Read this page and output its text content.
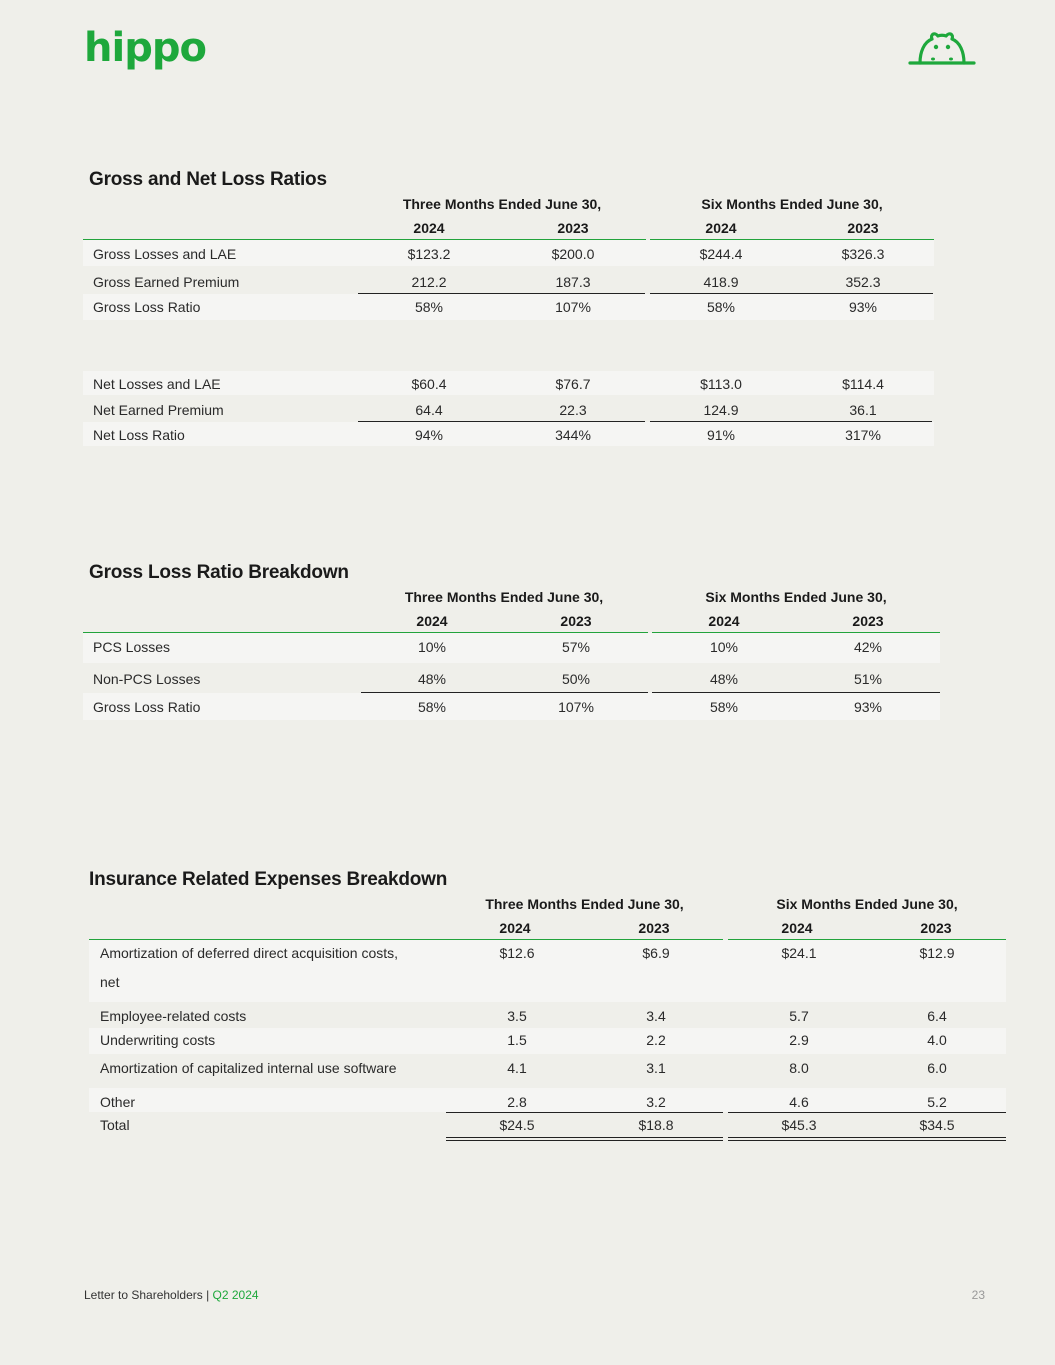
hippo
Gross and Net Loss Ratios
Three Months Ended June 30,	Six Months Ended June 30,
2024	2023	2024	2023
Gross Losses and LAE	$123.2	$200.0	$244.4	$326.3
Gross Earned Premium	212.2	187.3	418.9	352.3
Gross Loss Ratio	58%	107%	58%	93%
Net Losses and LAE	$60.4	$76.7	$113.0	$114.4
Net Earned Premium	64.4	22.3	124.9	36.1
Net Loss Ratio	94%	344%	91%	317%
Gross Loss Ratio Breakdown
Three Months Ended June 30,	Six Months Ended June 30,
2024	2023	2024	2023
PCS Losses	10%	57%	10%	42%
Non-PCS Losses	48%	50%	48%	51%
Gross Loss Ratio	58%	107%	58%	93%
Insurance Related Expenses Breakdown
Three Months Ended June 30,	Six Months Ended June 30,
2024	2023	2024	2023
Amortization of deferred direct acquisition costs,
net
$12.6	$6.9	$24.1	$12.9
Employee-related costs	3.5	3.4	5.7	6.4
Underwriting costs	1.5	2.2	2.9	4.0
Amortization of capitalized internal use software	4.1	3.1	8.0	6.0
Other	2.8	3.2	4.6	5.2
Total	$24.5	$18.8	$45.3	$34.5
Letter to Shareholders | Q2 2024	23
